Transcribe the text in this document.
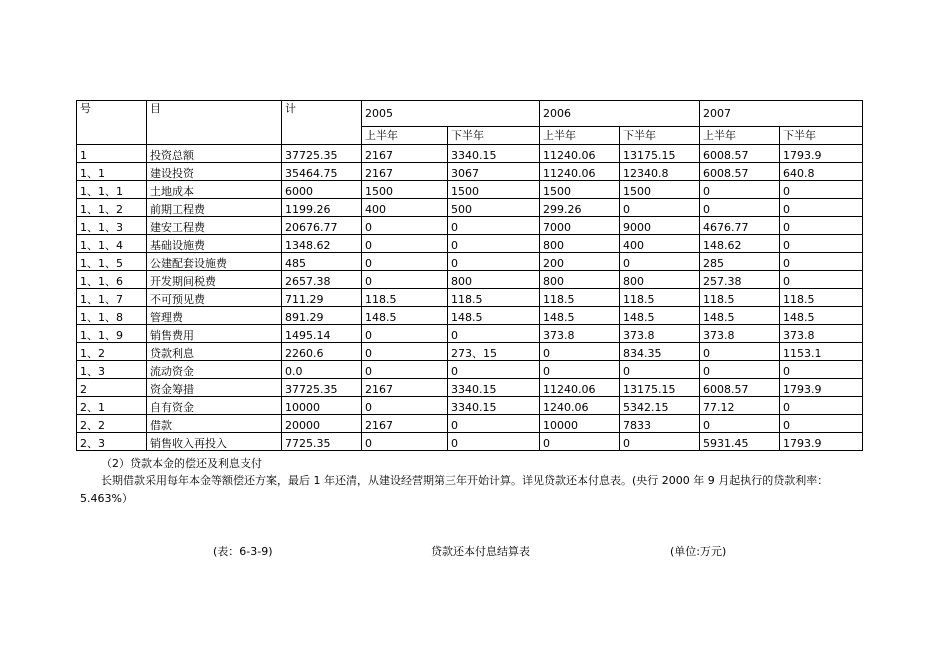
号	目	计	2005		2006		2007	
			上半年	下半年	上半年	下半年	上半年	下半年
1	投资总额	37725.35	2167	3340.15	11240.06	13175.15	6008.57	1793.9
1、1	建设投资	35464.75	2167	3067	11240.06	12340.8	6008.57	640.8
1、1、1	土地成本	6000	1500	1500	1500	1500	0	0
1、1、2	前期工程费	1199.26	400	500	299.26	0	0	0
1、1、3	建安工程费	20676.77	0	0	7000	9000	4676.77	0
1、1、4	基础设施费	1348.62	0	0	800	400	148.62	0
1、1、5	公建配套设施费	485	0	0	200	0	285	0
1、1、6	开发期间税费	2657.38	0	800	800	800	257.38	0
1、1、7	不可预见费	711.29	118.5	118.5	118.5	118.5	118.5	118.5
1、1、8	管理费	891.29	148.5	148.5	148.5	148.5	148.5	148.5
1、1、9	销售费用	1495.14	0	0	373.8	373.8	373.8	373.8
1、2	贷款利息	2260.6	0	273、15	0	834.35	0	1153.1
1、3	流动资金	0.0	0	0	0	0	0	0
2	资金筹措	37725.35	2167	3340.15	11240.06	13175.15	6008.57	1793.9
2、1	自有资金	10000	0	3340.15	1240.06	5342.15	77.12	0
2、2	借款	20000	2167	0	10000	7833	0	0
2、3	销售收入再投入	7725.35	0	0	0	0	5931.45	1793.9
（2）贷款本金的偿还及利息支付
长期借款采用每年本金等额偿还方案，最后 1 年还清，从建设经营期第三年开始计算。详见贷款还本付息表。(央行 2000 年 9 月起执行的贷款利率：
5.463%）
(表：6-3-9)	贷款还本付息结算表	(单位:万元)
